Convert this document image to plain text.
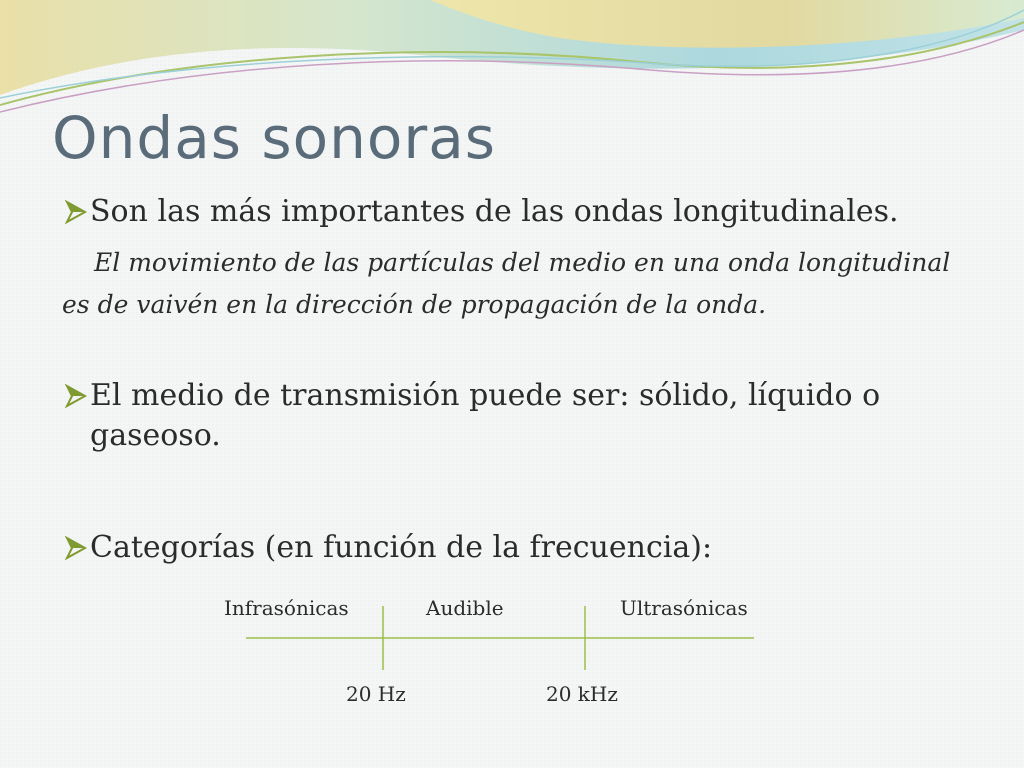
Ondas sonoras
Son las más importantes de las ondas longitudinales.
El movimiento de las partículas del medio en una onda longitudinal es de vaivén en la dirección de propagación de la onda.
El medio de transmisión puede ser: sólido, líquido o gaseoso.
Categorías (en función de la frecuencia):
Infrasónicas	Audible	Ultrasónicas
20 Hz	20 kHz
